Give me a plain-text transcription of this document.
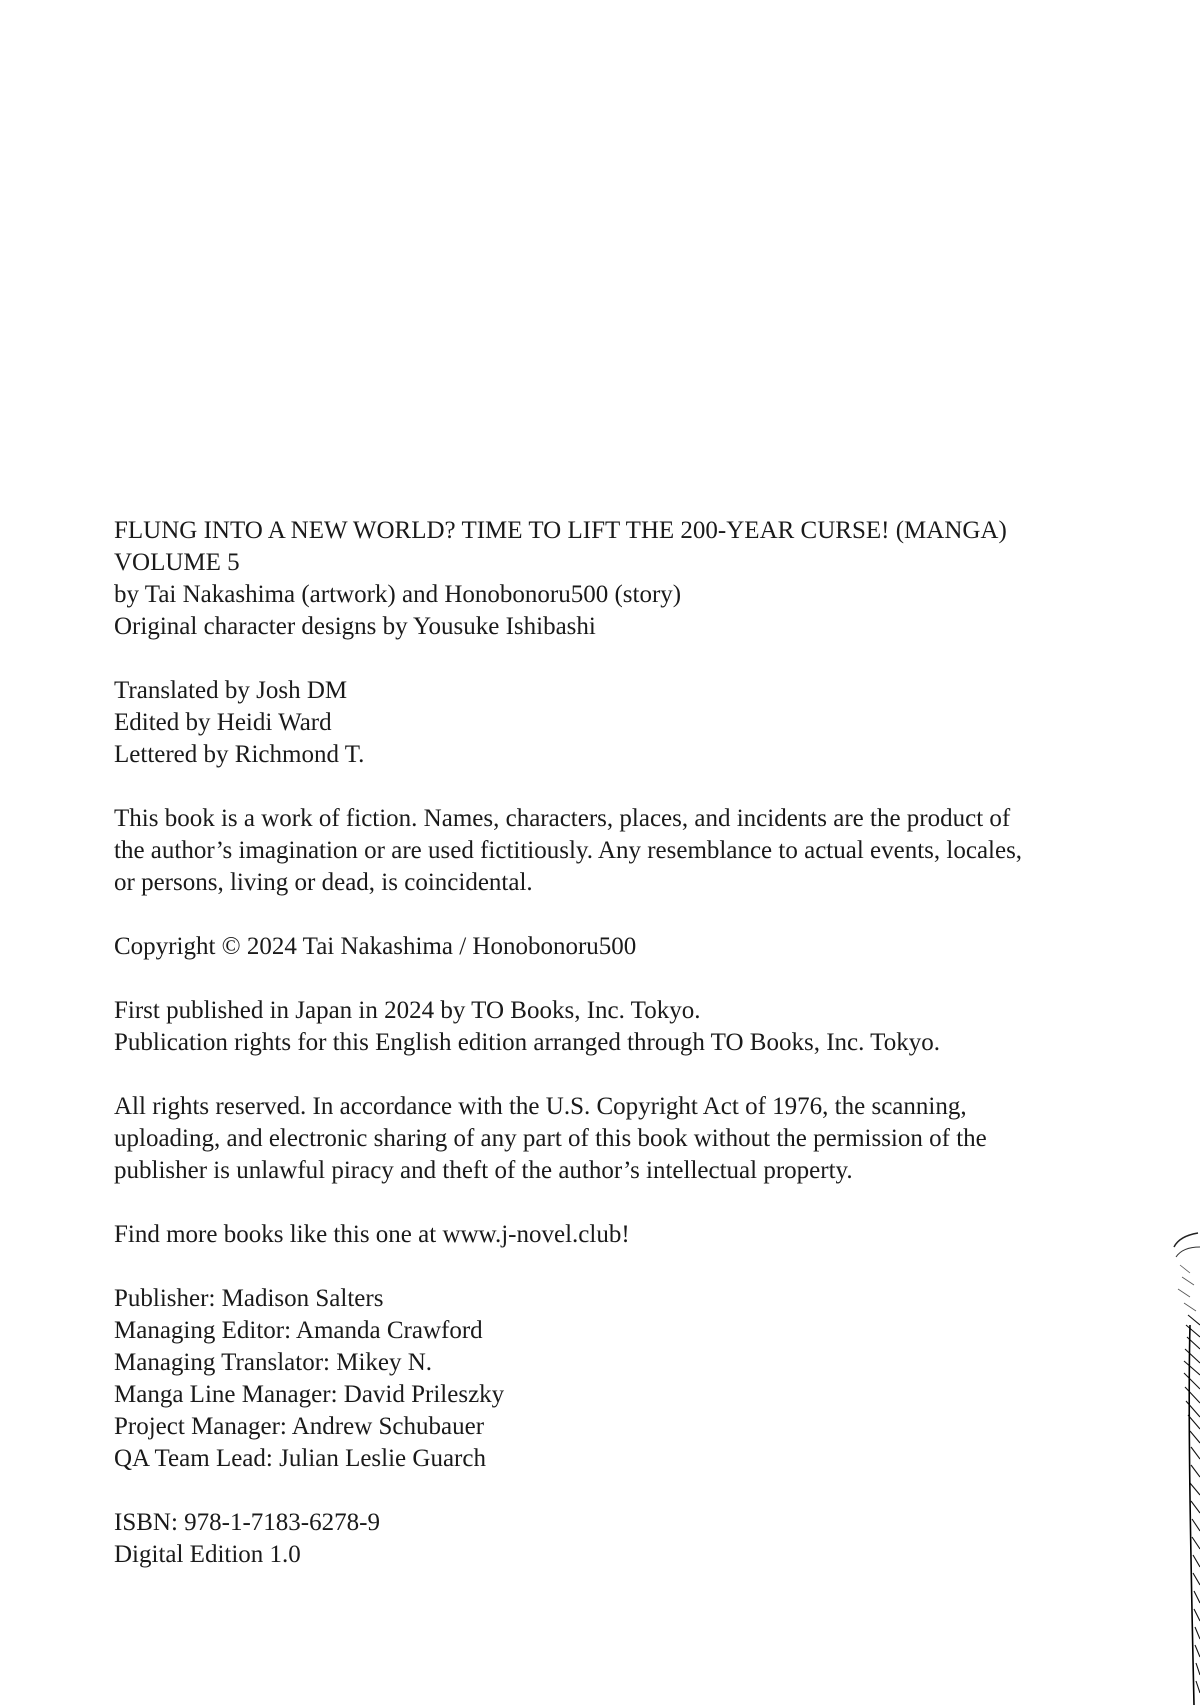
FLUNG INTO A NEW WORLD? TIME TO LIFT THE 200-YEAR CURSE! (MANGA)
VOLUME 5
by Tai Nakashima (artwork) and Honobonoru500 (story)
Original character designs by Yousuke Ishibashi
Translated by Josh DM
Edited by Heidi Ward
Lettered by Richmond T.
This book is a work of fiction. Names, characters, places, and incidents are the product of
the author’s imagination or are used fictitiously. Any resemblance to actual events, locales,
or persons, living or dead, is coincidental.
Copyright © 2024 Tai Nakashima / Honobonoru500
First published in Japan in 2024 by TO Books, Inc. Tokyo.
Publication rights for this English edition arranged through TO Books, Inc. Tokyo.
All rights reserved. In accordance with the U.S. Copyright Act of 1976, the scanning,
uploading, and electronic sharing of any part of this book without the permission of the
publisher is unlawful piracy and theft of the author’s intellectual property.
Find more books like this one at www.j-novel.club!
Publisher: Madison Salters
Managing Editor: Amanda Crawford
Managing Translator: Mikey N.
Manga Line Manager: David Prileszky
Project Manager: Andrew Schubauer
QA Team Lead: Julian Leslie Guarch
ISBN: 978-1-7183-6278-9
Digital Edition 1.0
